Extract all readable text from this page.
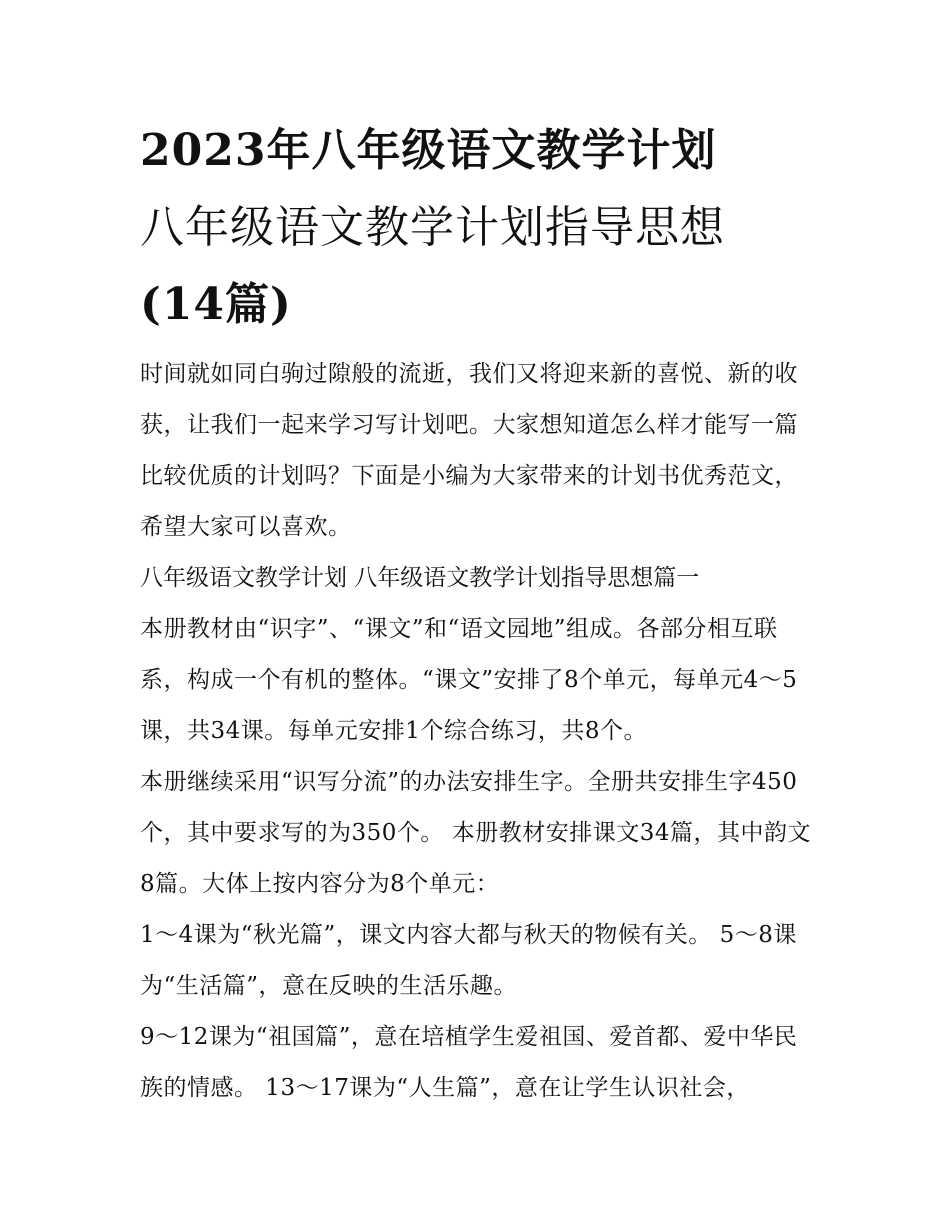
2023年八年级语文教学计划
八年级语文教学计划指导思想
(14篇)

时间就如同白驹过隙般的流逝，我们又将迎来新的喜悦、新的收获，让我们一起来学习写计划吧。大家想知道怎么样才能写一篇比较优质的计划吗？下面是小编为大家带来的计划书优秀范文，希望大家可以喜欢。

八年级语文教学计划 八年级语文教学计划指导思想篇一

本册教材由“识字”、“课文”和“语文园地”组成。各部分相互联系，构成一个有机的整体。“课文”安排了8个单元，每单元4～5课，共34课。每单元安排1个综合练习，共8个。

本册继续采用“识写分流”的办法安排生字。全册共安排生字450个，其中要求写的为350个。 本册教材安排课文34篇，其中韵文8篇。大体上按内容分为8个单元：

1～4课为“秋光篇”，课文内容大都与秋天的物候有关。 5～8课为“生活篇”，意在反映的生活乐趣。

9～12课为“祖国篇”，意在培植学生爱祖国、爱首都、爱中华民族的情感。 13～17课为“人生篇”，意在让学生认识社会，
